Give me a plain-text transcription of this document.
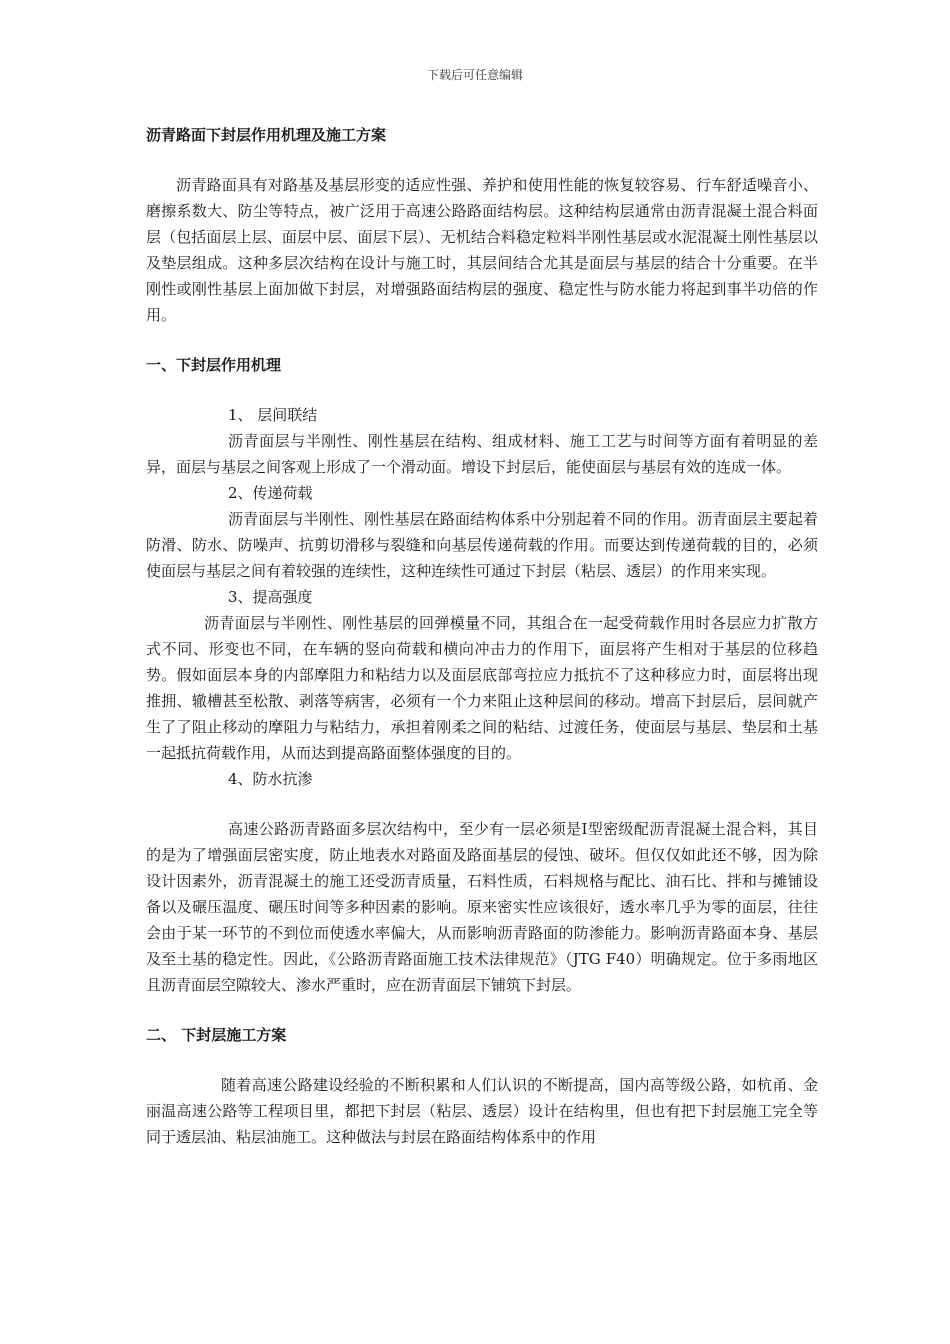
下载后可任意编辑

沥青路面下封层作用机理及施工方案

沥青路面具有对路基及基层形变的适应性强、养护和使用性能的恢复较容易、行车舒适噪音小、磨擦系数大、防尘等特点，被广泛用于高速公路路面结构层。这种结构层通常由沥青混凝土混合料面层（包括面层上层、面层中层、面层下层）、无机结合料稳定粒料半刚性基层或水泥混凝土刚性基层以及垫层组成。这种多层次结构在设计与施工时，其层间结合尤其是面层与基层的结合十分重要。在半刚性或刚性基层上面加做下封层，对增强路面结构层的强度、稳定性与防水能力将起到事半功倍的作用。

一、下封层作用机理

1、 层间联结

沥青面层与半刚性、刚性基层在结构、组成材料、施工工艺与时间等方面有着明显的差异，面层与基层之间客观上形成了一个滑动面。增设下封层后，能使面层与基层有效的连成一体。

2、传递荷载

沥青面层与半刚性、刚性基层在路面结构体系中分别起着不同的作用。沥青面层主要起着防滑、防水、防噪声、抗剪切滑移与裂缝和向基层传递荷载的作用。而要达到传递荷载的目的，必须使面层与基层之间有着较强的连续性，这种连续性可通过下封层（粘层、透层）的作用来实现。

3、提高强度

沥青面层与半刚性、刚性基层的回弹模量不同，其组合在一起受荷载作用时各层应力扩散方式不同、形变也不同，在车辆的竖向荷载和横向冲击力的作用下，面层将产生相对于基层的位移趋势。假如面层本身的内部摩阻力和粘结力以及面层底部弯拉应力抵抗不了这种移应力时，面层将出现推拥、辙槽甚至松散、剥落等病害，必须有一个力来阻止这种层间的移动。增高下封层后，层间就产生了了阻止移动的摩阻力与粘结力，承担着刚柔之间的粘结、过渡任务，使面层与基层、垫层和土基一起抵抗荷载作用，从而达到提高路面整体强度的目的。

4、防水抗渗

高速公路沥青路面多层次结构中，至少有一层必须是Ⅰ型密级配沥青混凝土混合料，其目的是为了增强面层密实度，防止地表水对路面及路面基层的侵蚀、破坏。但仅仅如此还不够，因为除设计因素外，沥青混凝土的施工还受沥青质量，石料性质，石料规格与配比、油石比、拌和与摊铺设备以及碾压温度、碾压时间等多种因素的影响。原来密实性应该很好，透水率几乎为零的面层，往往会由于某一环节的不到位而使透水率偏大，从而影响沥青路面的防渗能力。影响沥青路面本身、基层及至土基的稳定性。因此，《公路沥青路面施工技术法律规范》（JTG F40）明确规定。位于多雨地区且沥青面层空隙较大、渗水严重时，应在沥青面层下铺筑下封层。

二、 下封层施工方案

随着高速公路建设经验的不断积累和人们认识的不断提高，国内高等级公路，如杭甬、金丽温高速公路等工程项目里，都把下封层（粘层、透层）设计在结构里，但也有把下封层施工完全等同于透层油、粘层油施工。这种做法与封层在路面结构体系中的作用
